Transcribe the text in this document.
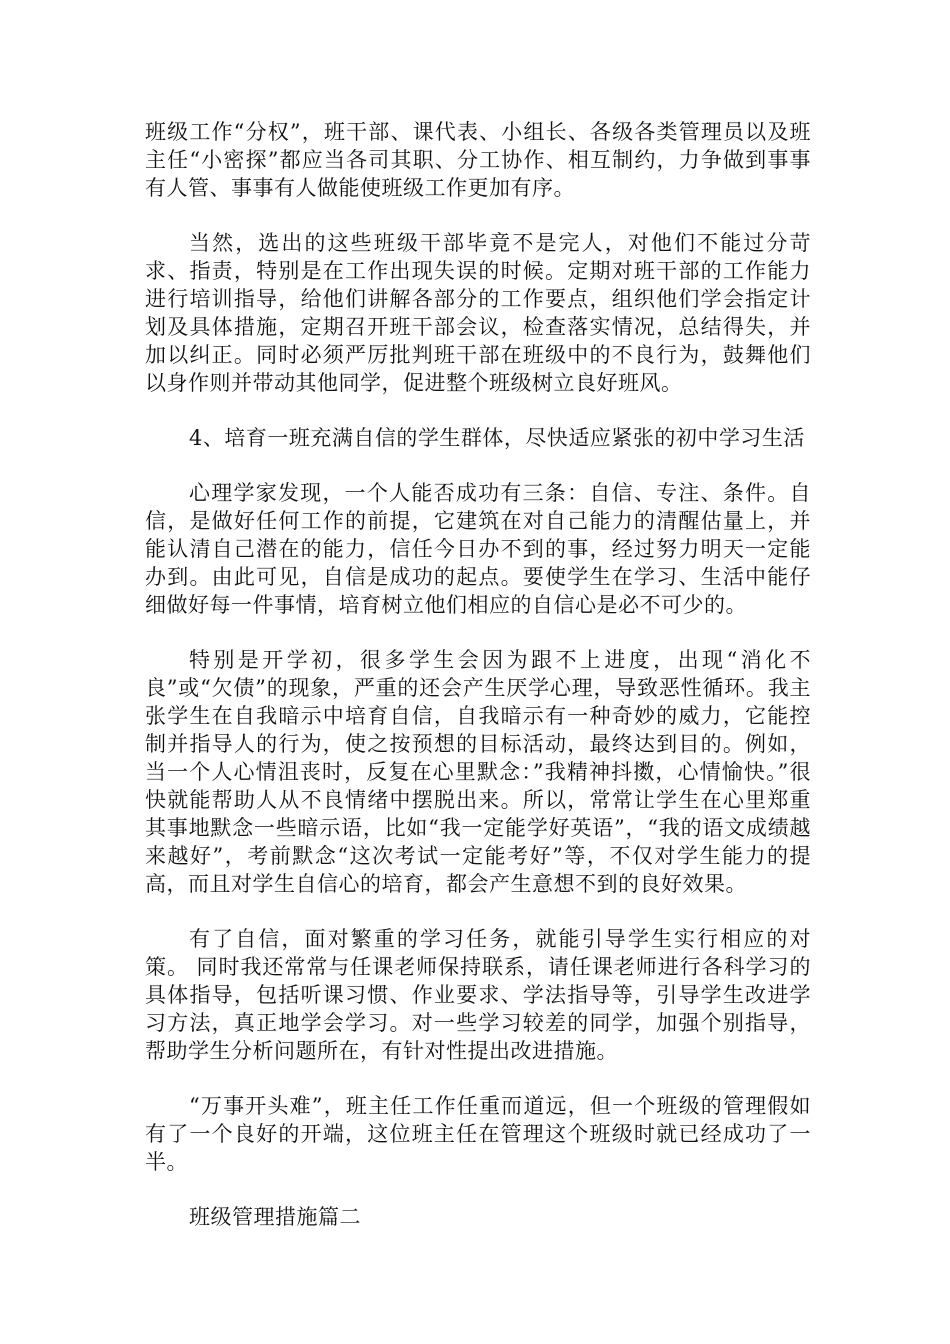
班级工作“分权”，班干部、课代表、小组长、各级各类管理员以及班主任“小密探”都应当各司其职、分工协作、相互制约，力争做到事事有人管、事事有人做能使班级工作更加有序。

当然，选出的这些班级干部毕竟不是完人，对他们不能过分苛求、指责，特别是在工作出现失误的时候。定期对班干部的工作能力进行培训指导，给他们讲解各部分的工作要点，组织他们学会指定计划及具体措施，定期召开班干部会议，检查落实情况，总结得失，并加以纠正。同时必须严厉批判班干部在班级中的不良行为，鼓舞他们以身作则并带动其他同学，促进整个班级树立良好班风。

4、培育一班充满自信的学生群体，尽快适应紧张的初中学习生活

心理学家发现，一个人能否成功有三条：自信、专注、条件。自信，是做好任何工作的前提，它建筑在对自己能力的清醒估量上，并能认清自己潜在的能力，信任今日办不到的事，经过努力明天一定能办到。由此可见，自信是成功的起点。要使学生在学习、生活中能仔细做好每一件事情，培育树立他们相应的自信心是必不可少的。

特别是开学初，很多学生会因为跟不上进度，出现“消化不良”或“欠债”的现象，严重的还会产生厌学心理，导致恶性循环。我主张学生在自我暗示中培育自信，自我暗示有一种奇妙的威力，它能控制并指导人的行为，使之按预想的目标活动，最终达到目的。例如，当一个人心情沮丧时，反复在心里默念：”我精神抖擞，心情愉快。”很快就能帮助人从不良情绪中摆脱出来。所以，常常让学生在心里郑重其事地默念一些暗示语，比如“我一定能学好英语”，“我的语文成绩越来越好”，考前默念“这次考试一定能考好”等，不仅对学生能力的提高，而且对学生自信心的培育，都会产生意想不到的良好效果。

有了自信，面对繁重的学习任务，就能引导学生实行相应的对策。 同时我还常常与任课老师保持联系，请任课老师进行各科学习的具体指导，包括听课习惯、作业要求、学法指导等，引导学生改进学习方法，真正地学会学习。对一些学习较差的同学，加强个别指导，帮助学生分析问题所在，有针对性提出改进措施。

“万事开头难”，班主任工作任重而道远，但一个班级的管理假如有了一个良好的开端，这位班主任在管理这个班级时就已经成功了一半。

班级管理措施篇二
